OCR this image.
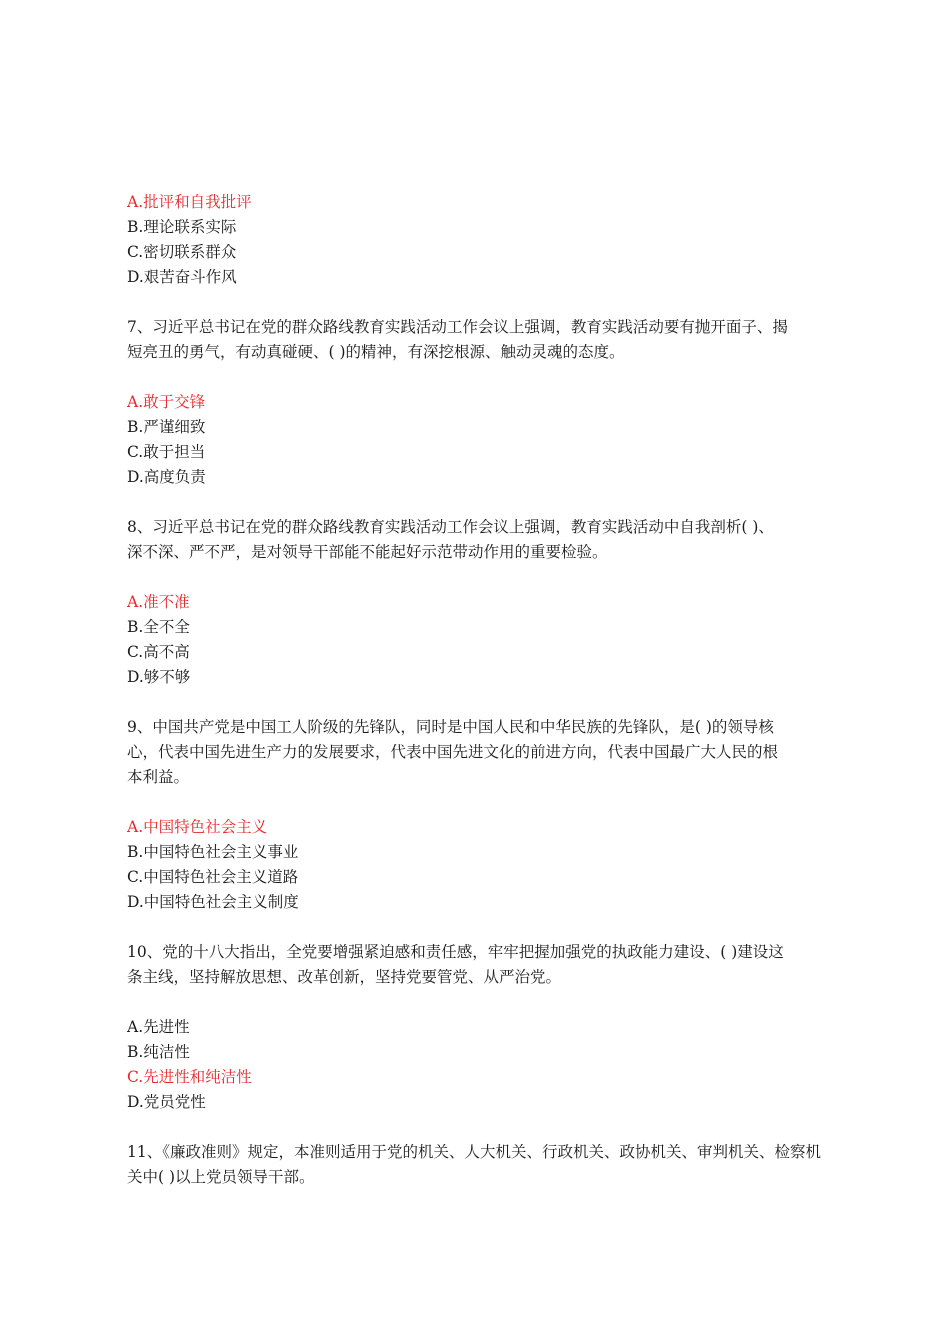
A.批评和自我批评
B.理论联系实际
C.密切联系群众
D.艰苦奋斗作风
7、习近平总书记在党的群众路线教育实践活动工作会议上强调，教育实践活动要有抛开面子、揭
短亮丑的勇气，有动真碰硬、( )的精神，有深挖根源、触动灵魂的态度。
A.敢于交锋
B.严谨细致
C.敢于担当
D.高度负责
8、习近平总书记在党的群众路线教育实践活动工作会议上强调，教育实践活动中自我剖析( )、
深不深、严不严，是对领导干部能不能起好示范带动作用的重要检验。
A.准不准
B.全不全
C.高不高
D.够不够
9、中国共产党是中国工人阶级的先锋队，同时是中国人民和中华民族的先锋队，是( )的领导核
心，代表中国先进生产力的发展要求，代表中国先进文化的前进方向，代表中国最广大人民的根
本利益。
A.中国特色社会主义
B.中国特色社会主义事业
C.中国特色社会主义道路
D.中国特色社会主义制度
10、党的十八大指出，全党要增强紧迫感和责任感，牢牢把握加强党的执政能力建设、( )建设这
条主线，坚持解放思想、改革创新，坚持党要管党、从严治党。
A.先进性
B.纯洁性
C.先进性和纯洁性
D.党员党性
11、《廉政准则》规定，本准则适用于党的机关、人大机关、行政机关、政协机关、审判机关、检察机
关中( )以上党员领导干部。
